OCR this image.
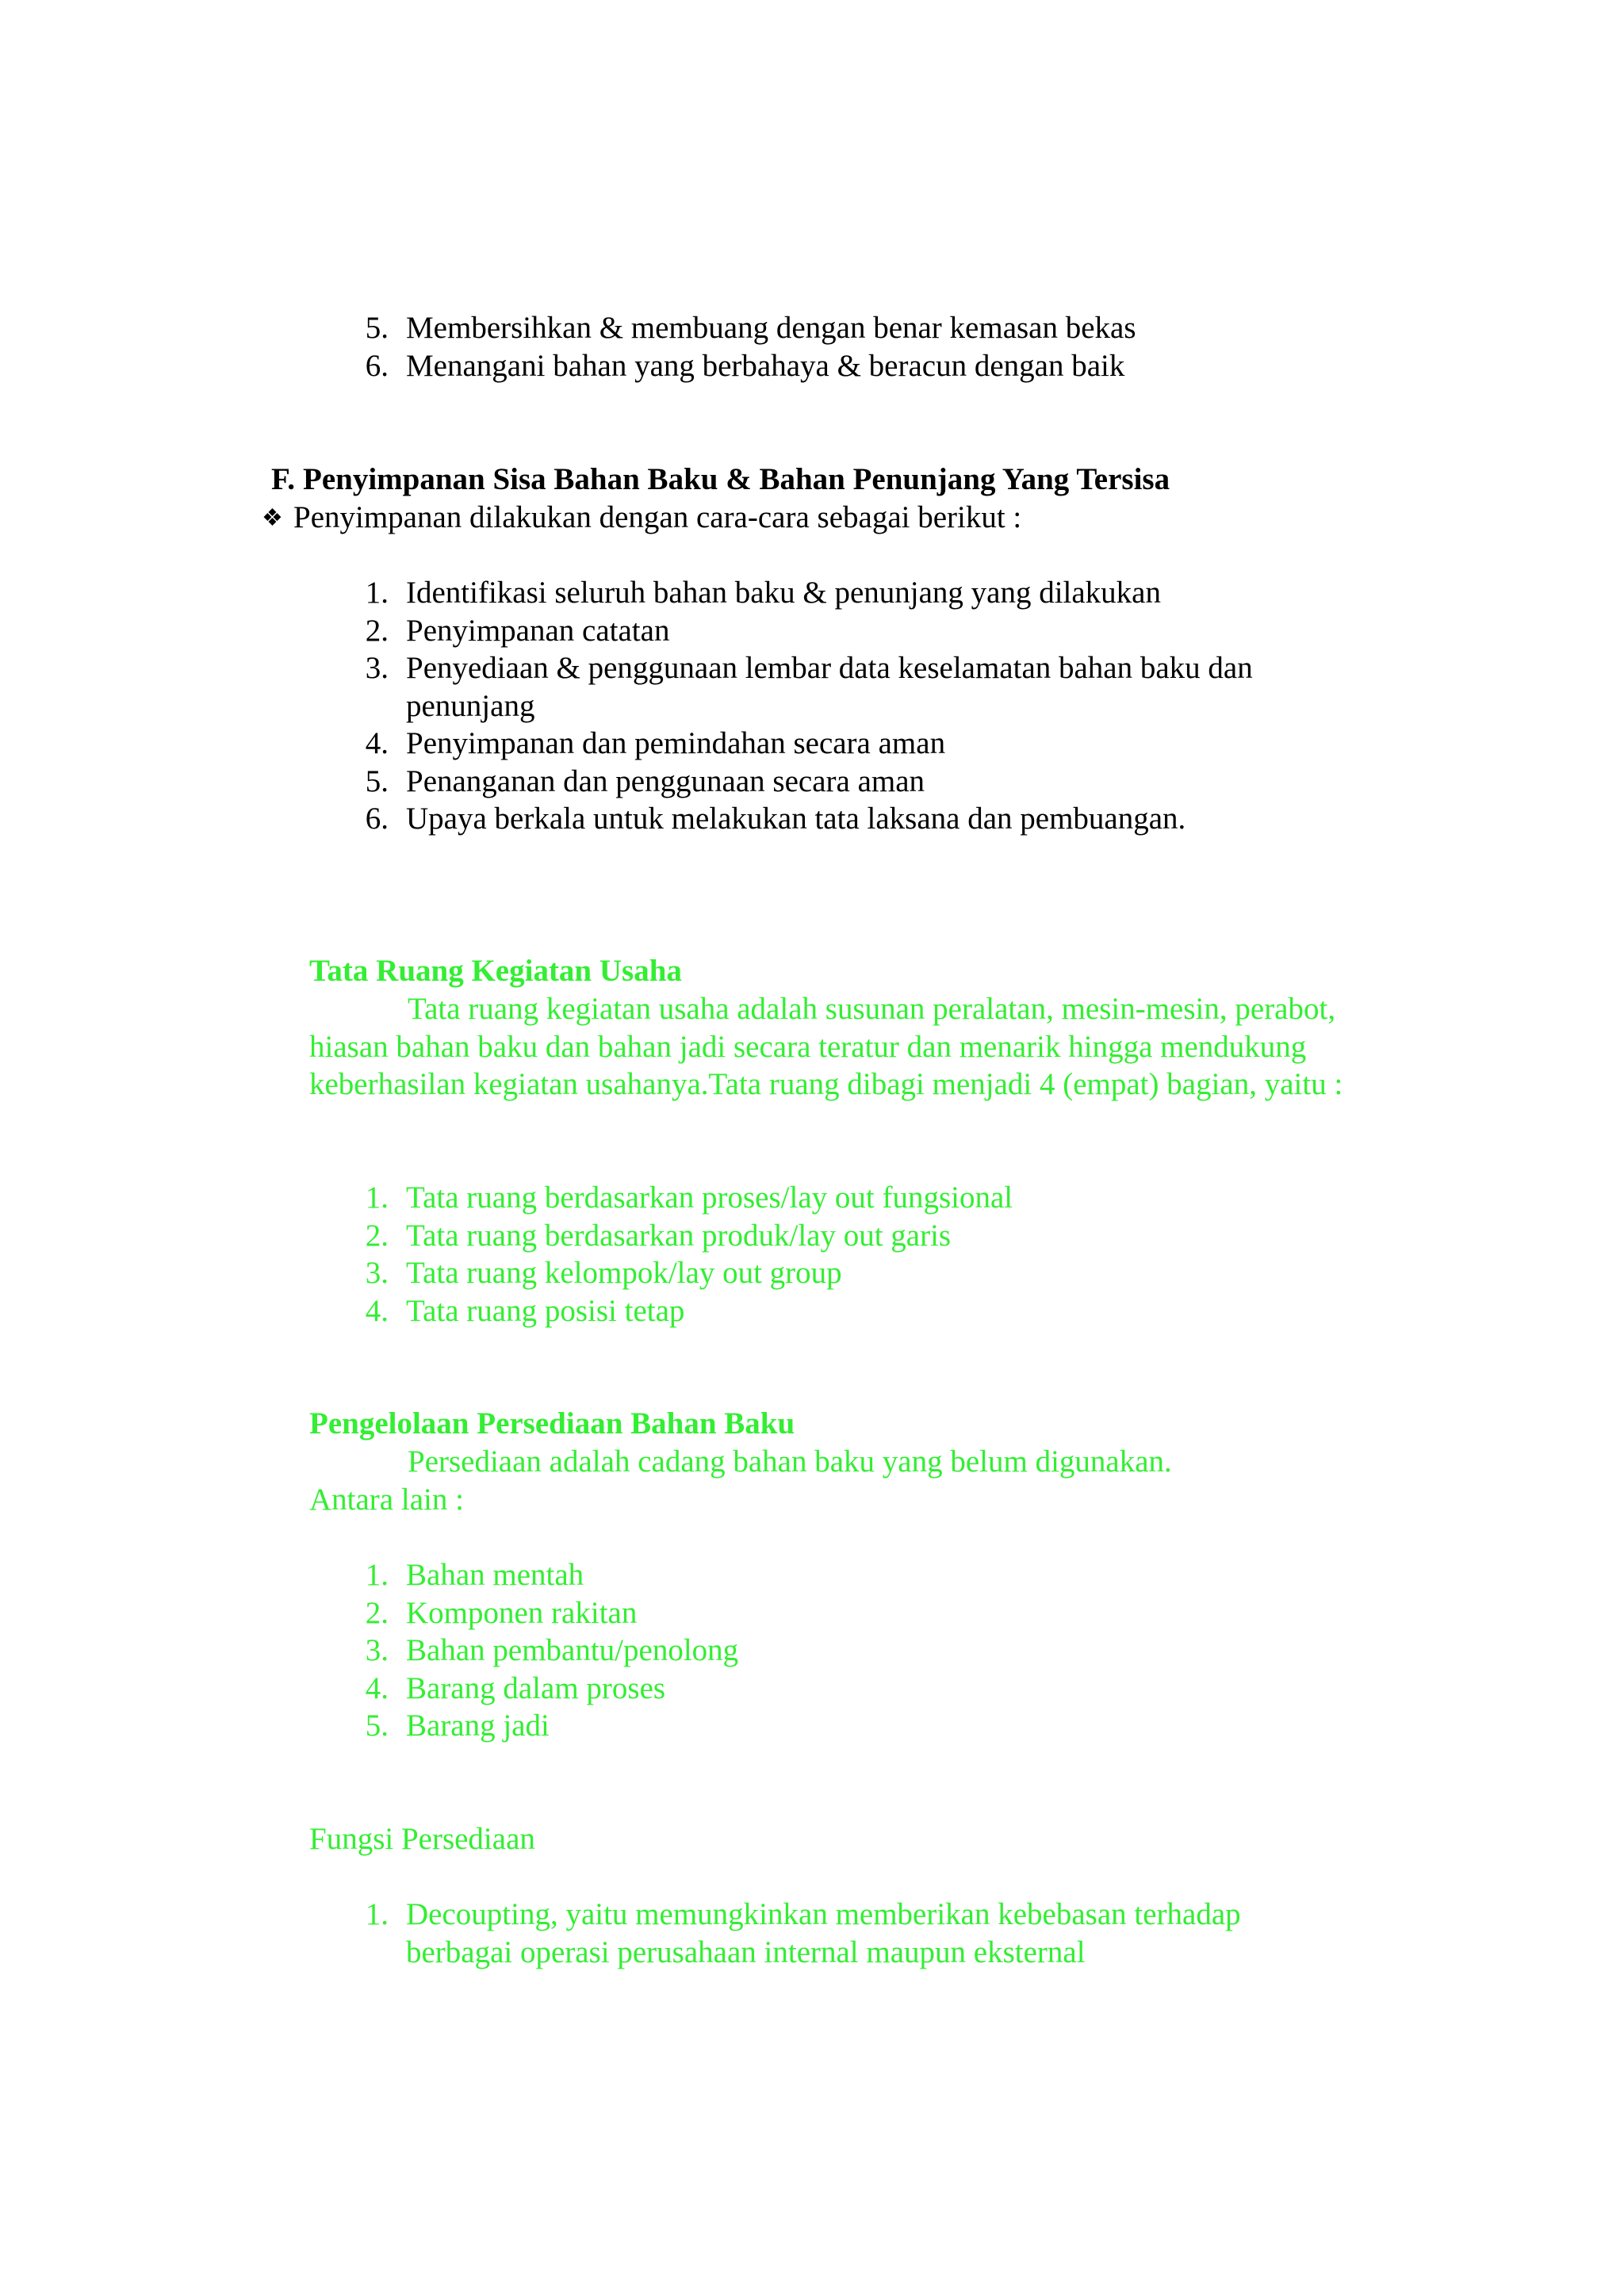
5. Membersihkan & membuang dengan benar kemasan bekas
6. Menangani bahan yang berbahaya & beracun dengan baik
F. Penyimpanan Sisa Bahan Baku & Bahan Penunjang Yang Tersisa
❖ Penyimpanan dilakukan dengan cara-cara sebagai berikut :
1. Identifikasi seluruh bahan baku & penunjang yang dilakukan
2. Penyimpanan catatan
3. Penyediaan & penggunaan lembar data keselamatan bahan baku dan penunjang
4. Penyimpanan dan pemindahan secara aman
5. Penanganan dan penggunaan secara aman
6. Upaya berkala untuk melakukan tata laksana dan pembuangan.
Tata Ruang Kegiatan Usaha
Tata ruang kegiatan usaha adalah susunan peralatan, mesin-mesin, perabot, hiasan bahan baku dan bahan jadi secara teratur dan menarik hingga mendukung keberhasilan kegiatan usahanya.Tata ruang dibagi menjadi 4 (empat) bagian, yaitu :
1. Tata ruang berdasarkan proses/lay out fungsional
2. Tata ruang berdasarkan produk/lay out garis
3. Tata ruang kelompok/lay out group
4. Tata ruang posisi tetap
Pengelolaan Persediaan Bahan Baku
Persediaan adalah cadang bahan baku yang belum digunakan.
Antara lain :
1. Bahan mentah
2. Komponen rakitan
3. Bahan pembantu/penolong
4. Barang dalam proses
5. Barang jadi
Fungsi Persediaan
1. Decoupting, yaitu memungkinkan memberikan kebebasan terhadap berbagai operasi perusahaan internal maupun eksternal
